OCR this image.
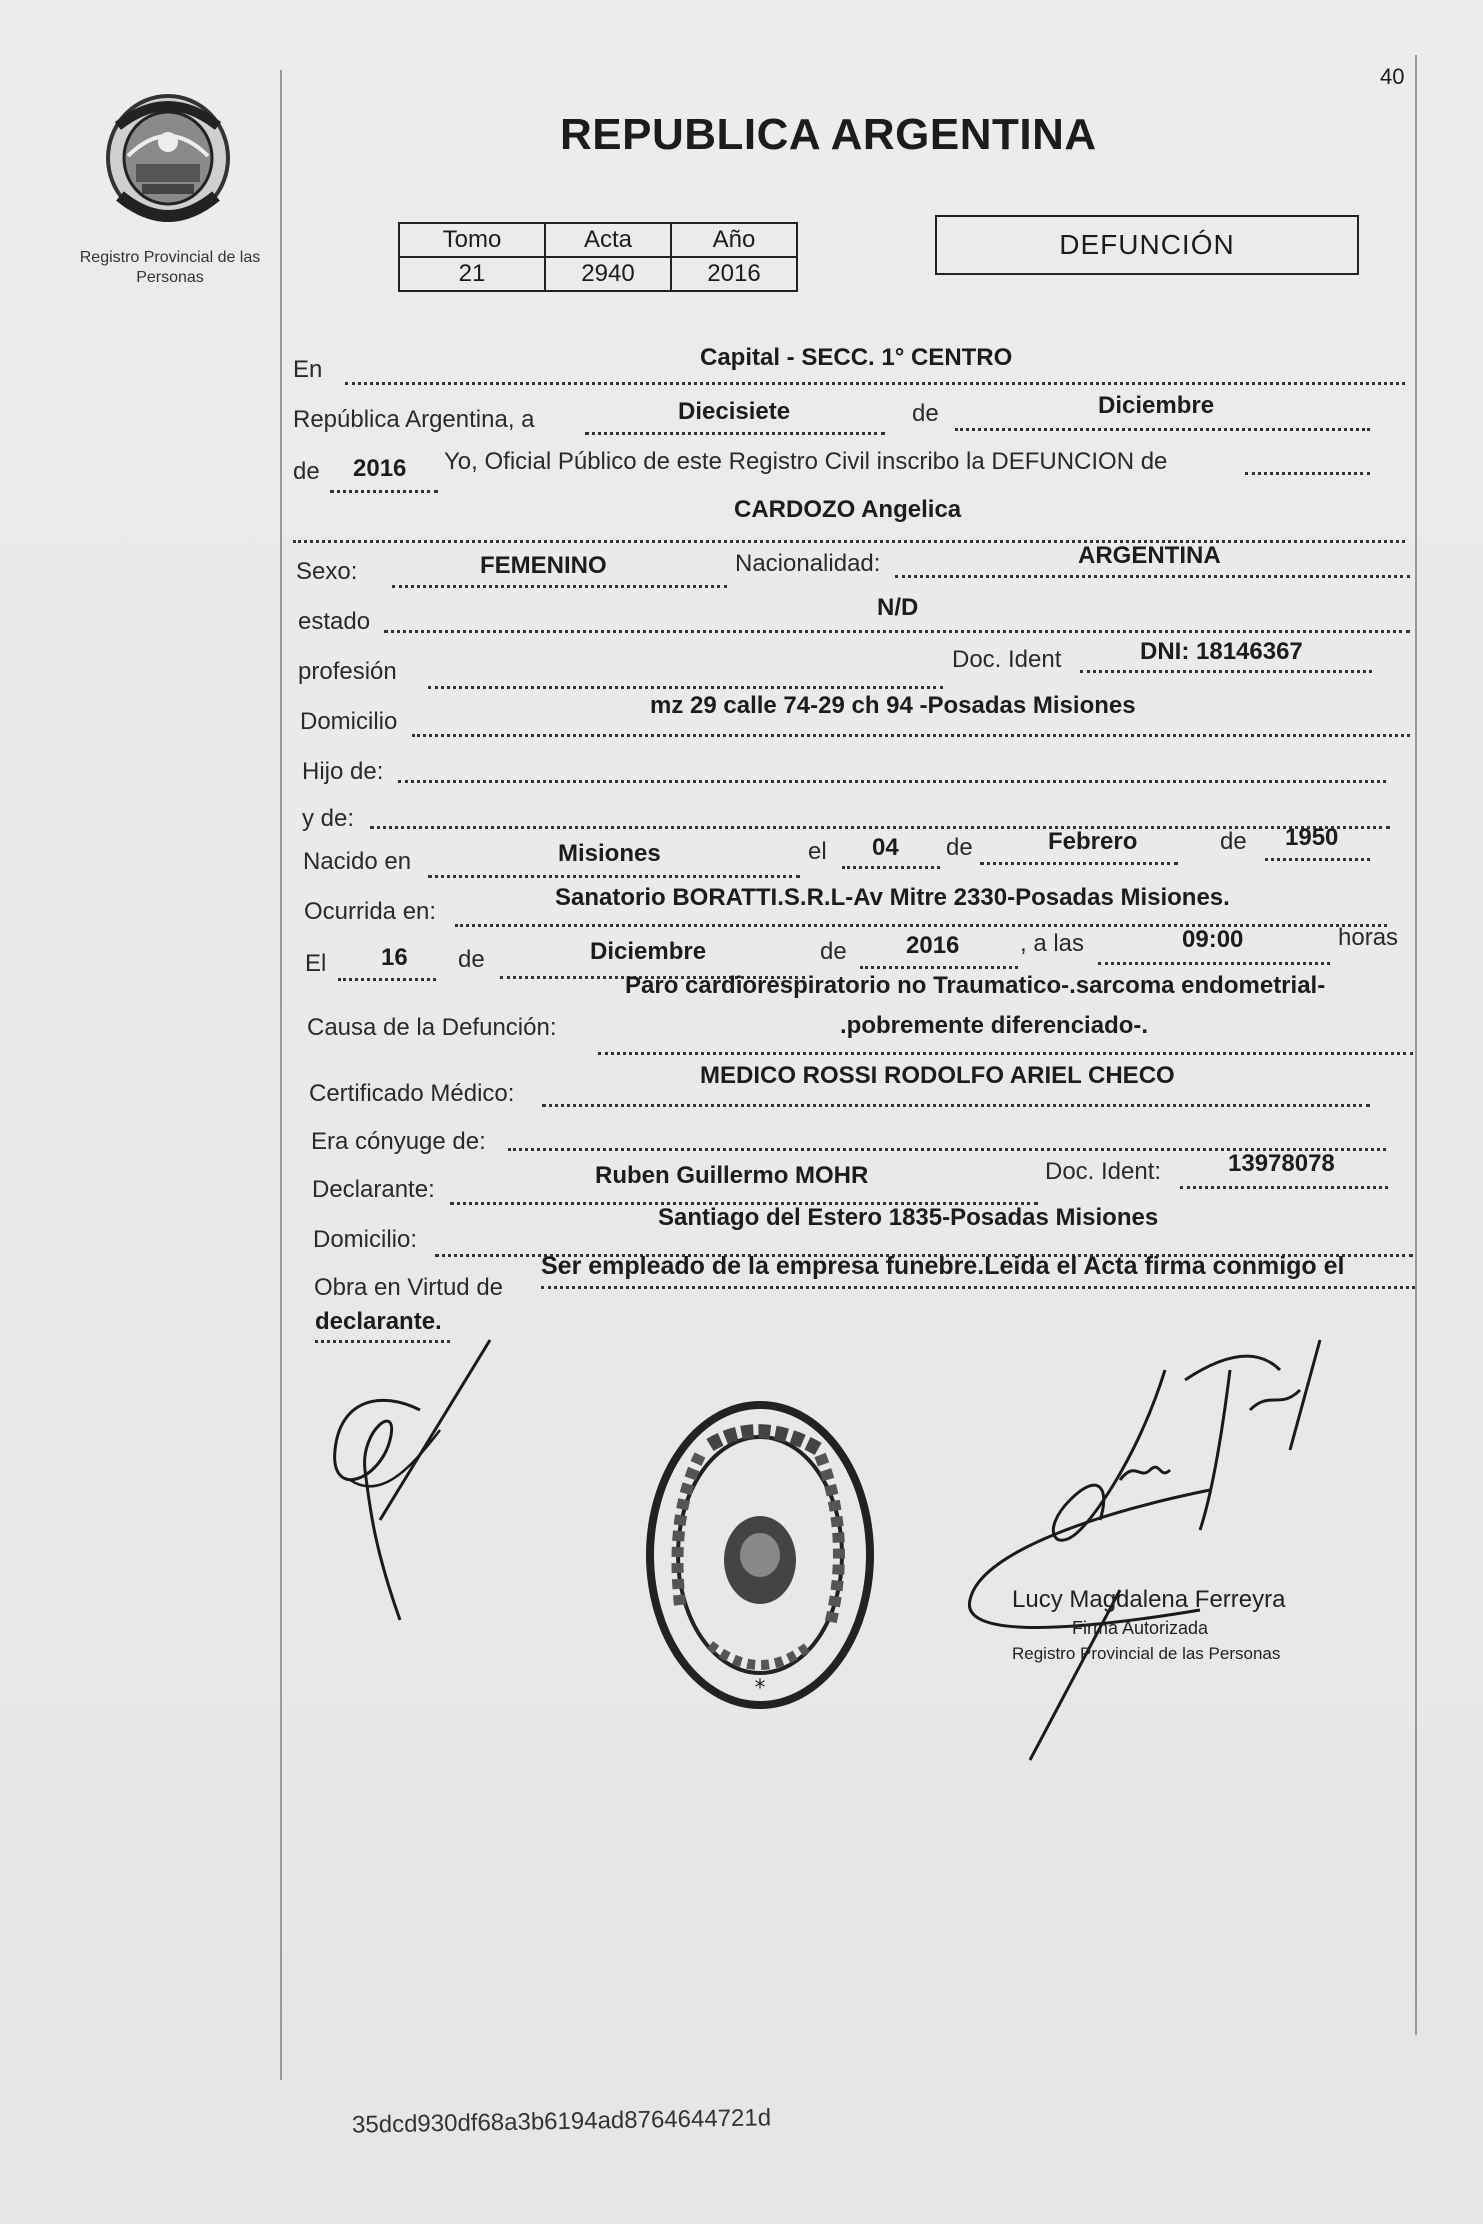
Registro Provincial de las Personas
40
REPUBLICA ARGENTINA
Tomo	Acta	Año
21	2940	2016
DEFUNCIÓN
En	Capital - SECC. 1° CENTRO
República Argentina, a	Diecisiete	de	Diciembre
de 2016 Yo, Oficial Público de este Registro Civil inscribo la DEFUNCION de
CARDOZO Angelica
Sexo:	FEMENINO	Nacionalidad:	ARGENTINA
estado
N/D
profesión	Doc. Ident	DNI: 18146367
Domicilio
mz 29 calle 74-29 ch 94 -Posadas Misiones
Hijo de:
y de:
Nacido en	Misiones	el 04 de	Febrero	de 1950
Ocurrida en:
Sanatorio BORATTI.S.R.L-Av Mitre 2330-Posadas Misiones.
El 16 de	Diciembre	de 2016	, a las	09:00	horas
Paro cardiorespiratorio no Traumatico-.sarcoma endometrial-
Causa de la Defunción:	.pobremente diferenciado-.
Certificado Médico:
MEDICO ROSSI RODOLFO ARIEL CHECO
Era cónyuge de:
Declarante:
Ruben Guillermo MOHR	Doc. Ident:	13978078
Domicilio:
Santiago del Estero 1835-Posadas Misiones
Obra en Virtud de
Ser empleado de la empresa funebre.Leida el Acta firma conmigo el
declarante.
*
Lucy Magdalena Ferreyra
Firma Autorizada
Registro Provincial de las Personas
35dcd930df68a3b6194ad8764644721d
